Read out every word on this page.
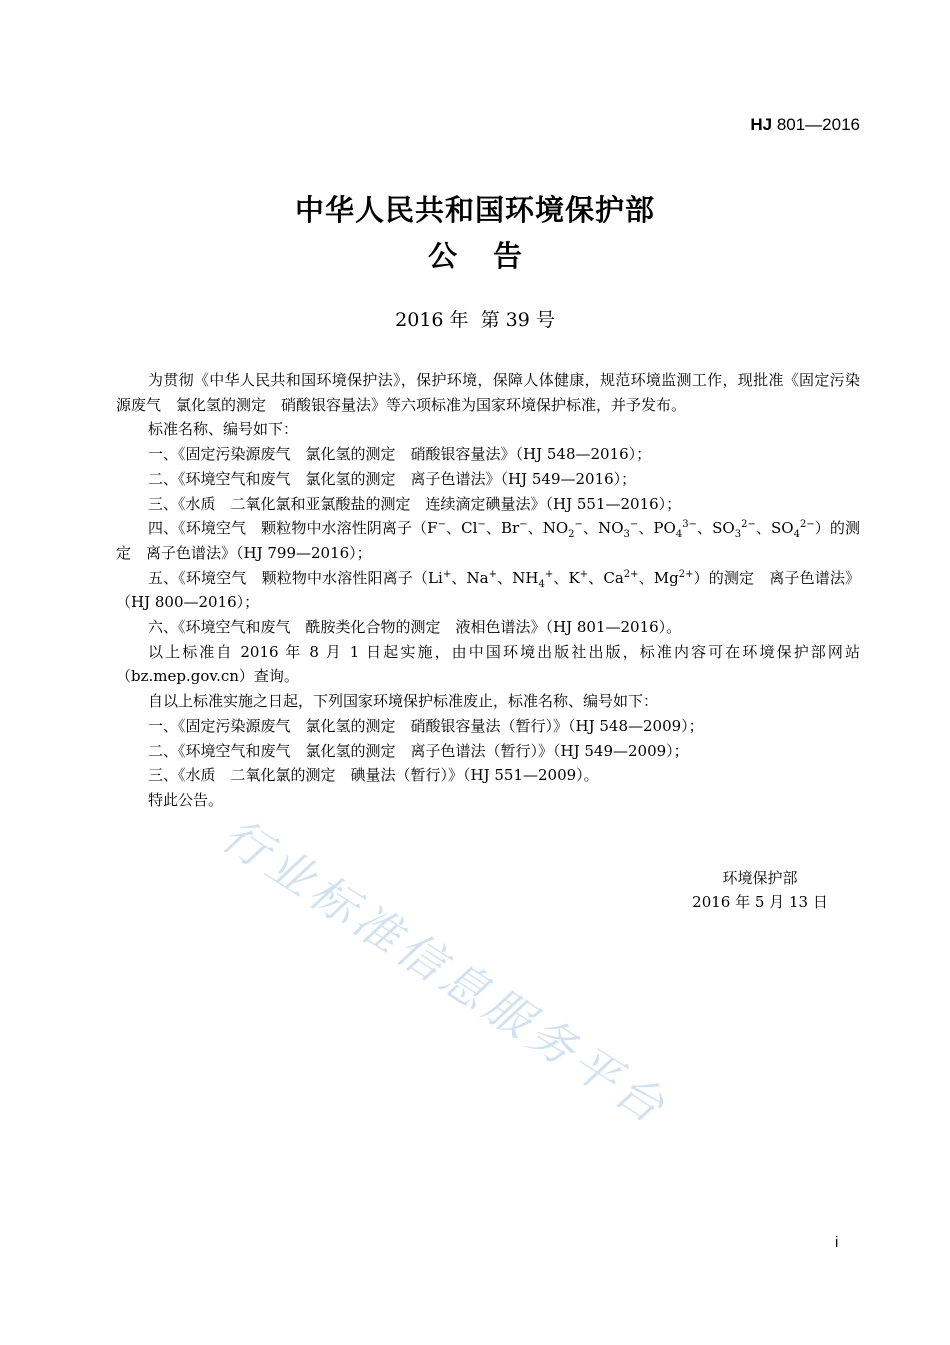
HJ 801—2016
中华人民共和国环境保护部
公 告
2016 年 第 39 号

为贯彻《中华人民共和国环境保护法》，保护环境，保障人体健康，规范环境监测工作，现批准《固定污染源废气　氯化氢的测定　硝酸银容量法》等六项标准为国家环境保护标准，并予发布。

标准名称、编号如下：

一、《固定污染源废气　氯化氢的测定　硝酸银容量法》（HJ 548—2016）；

二、《环境空气和废气　氯化氢的测定　离子色谱法》（HJ 549—2016）；

三、《水质　二氧化氯和亚氯酸盐的测定　连续滴定碘量法》（HJ 551—2016）；

四、《环境空气　颗粒物中水溶性阴离子（F−、Cl−、Br−、$NO_2^-$、$NO_3^-$、$PO_4^{3-}$、$SO_3^{2-}$、$SO_4^{2-}$）的测定　离子色谱法》（HJ 799—2016）；

五、《环境空气　颗粒物中水溶性阳离子（Li+、Na+、$NH_4^+$、K+、$Ca^{2+}$、$Mg^{2+}$）的测定　离子色谱法》（HJ 800—2016）；

六、《环境空气和废气　酰胺类化合物的测定　液相色谱法》（HJ 801—2016）。

以上标准自 2016 年 8 月 1 日起实施，由中国环境出版社出版，标准内容可在环境保护部网站（bz.mep.gov.cn）查询。

自以上标准实施之日起，下列国家环境保护标准废止，标准名称、编号如下：

一、《固定污染源废气　氯化氢的测定　硝酸银容量法（暂行）》（HJ 548—2009）；

二、《环境空气和废气　氯化氢的测定　离子色谱法（暂行）》（HJ 549—2009）；

三、《水质　二氧化氯的测定　碘量法（暂行）》（HJ 551—2009）。

特此公告。

环境保护部
2016 年 5 月 13 日
行业标准信息服务平台
i
